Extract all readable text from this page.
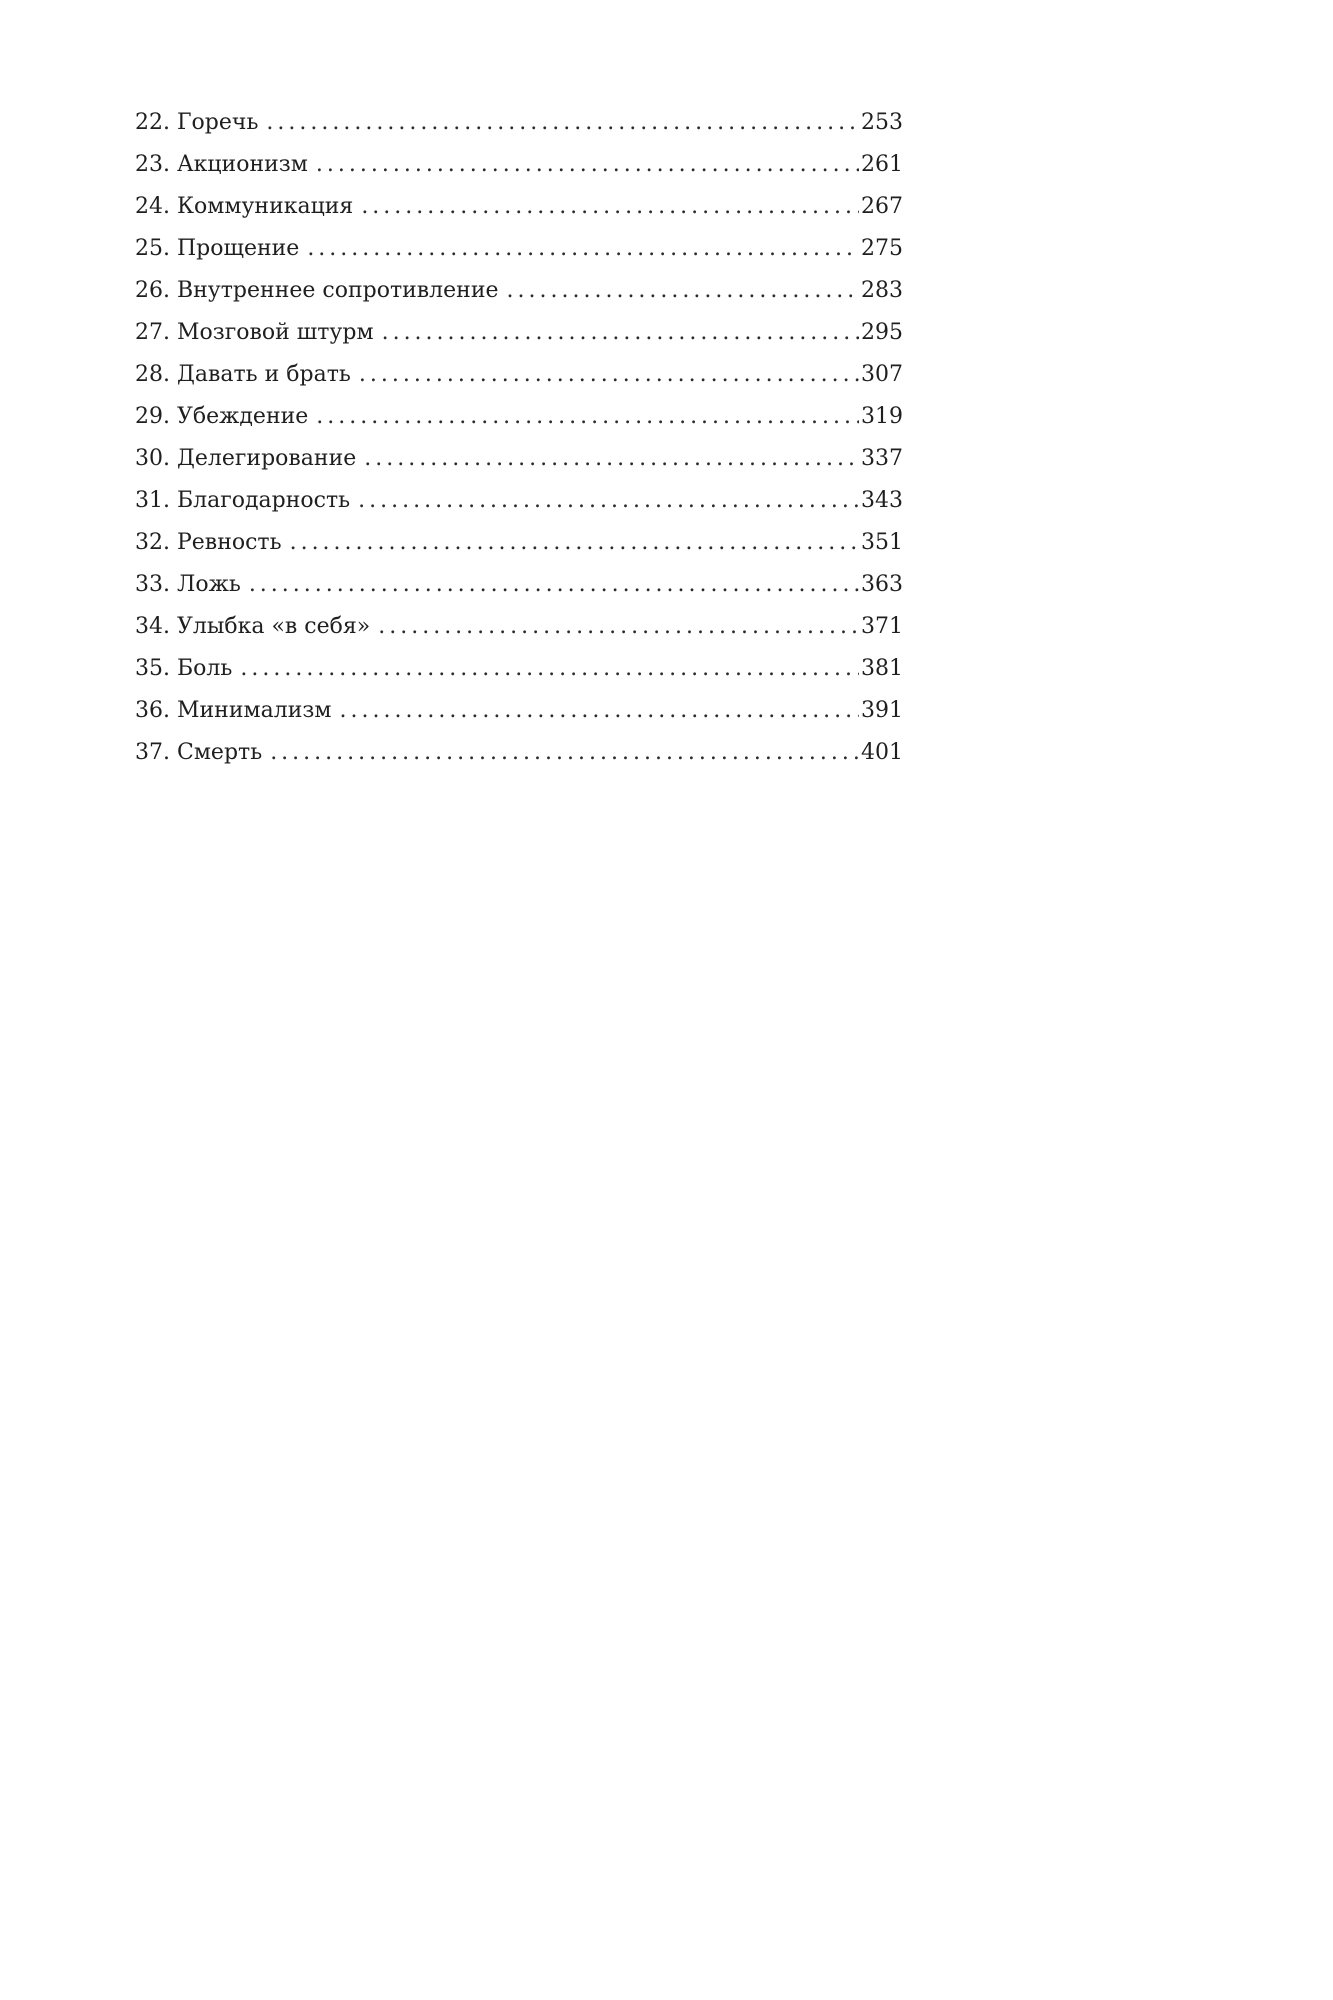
22. Горечь .....	253
23. Акционизм .....	261
24. Коммуникация .....	267
25. Прощение .....	275
26. Внутреннее сопротивление .....	283
27. Мозговой штурм .....	295
28. Давать и брать .....	307
29. Убеждение .....	319
30. Делегирование .....	337
31. Благодарность .....	343
32. Ревность .....	351
33. Ложь .....	363
34. Улыбка «в себя» .....	371
35. Боль .....	381
36. Минимализм .....	391
37. Смерть .....	401
